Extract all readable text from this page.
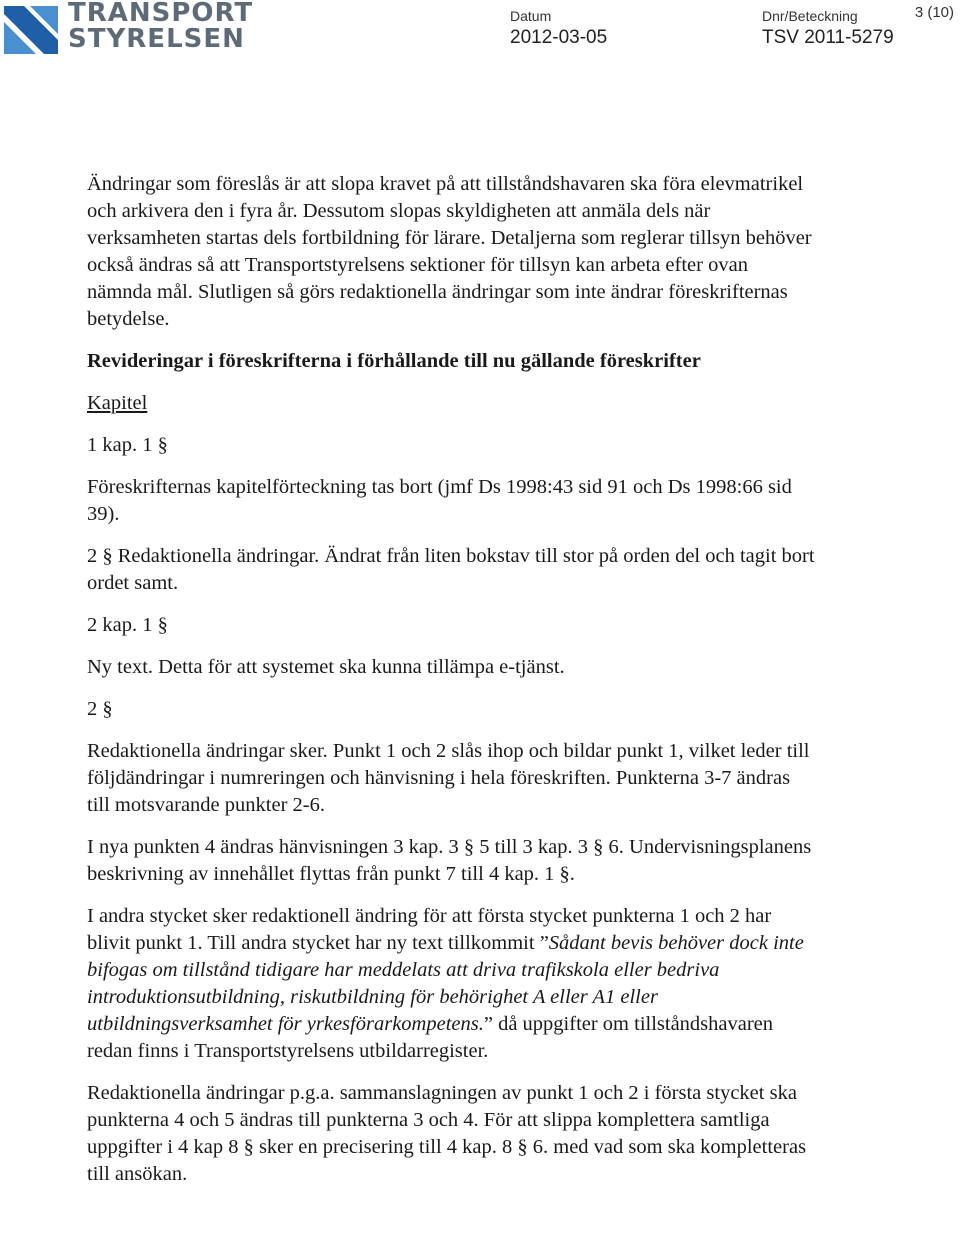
TRANSPORT
STYRELSEN
Datum
2012-03-05
Dnr/Beteckning
TSV 2011-5279
3 (10)

Ändringar som föreslås är att slopa kravet på att tillståndshavaren ska föra elevmatrikel och arkivera den i fyra år. Dessutom slopas skyldigheten att anmäla dels när verksamheten startas dels fortbildning för lärare. Detaljerna som reglerar tillsyn behöver också ändras så att Transportstyrelsens sektioner för tillsyn kan arbeta efter ovan nämnda mål. Slutligen så görs redaktionella ändringar som inte ändrar föreskrifternas betydelse.

Revideringar i föreskrifterna i förhållande till nu gällande föreskrifter

Kapitel

1 kap. 1 §

Föreskrifternas kapitelförteckning tas bort (jmf Ds 1998:43 sid 91 och Ds 1998:66 sid 39).

2 § Redaktionella ändringar. Ändrat från liten bokstav till stor på orden del och tagit bort ordet samt.

2 kap. 1 §

Ny text. Detta för att systemet ska kunna tillämpa e-tjänst.

2 §

Redaktionella ändringar sker. Punkt 1 och 2 slås ihop och bildar punkt 1, vilket leder till följdändringar i numreringen och hänvisning i hela föreskriften. Punkterna 3-7 ändras till motsvarande punkter 2-6.

I nya punkten 4 ändras hänvisningen 3 kap. 3 § 5 till 3 kap. 3 § 6. Undervisningsplanens beskrivning av innehållet flyttas från punkt 7 till 4 kap. 1 §.

I andra stycket sker redaktionell ändring för att första stycket punkterna 1 och 2 har blivit punkt 1. Till andra stycket har ny text tillkommit ”Sådant bevis behöver dock inte bifogas om tillstånd tidigare har meddelats att driva trafikskola eller bedriva introduktionsutbildning, riskutbildning för behörighet A eller A1 eller utbildningsverksamhet för yrkesförarkompetens.” då uppgifter om tillståndshavaren redan finns i Transportstyrelsens utbildarregister.

Redaktionella ändringar p.g.a. sammanslagningen av punkt 1 och 2 i första stycket ska punkterna 4 och 5 ändras till punkterna 3 och 4. För att slippa komplettera samtliga uppgifter i 4 kap 8 § sker en precisering till 4 kap. 8 § 6. med vad som ska kompletteras till ansökan.
